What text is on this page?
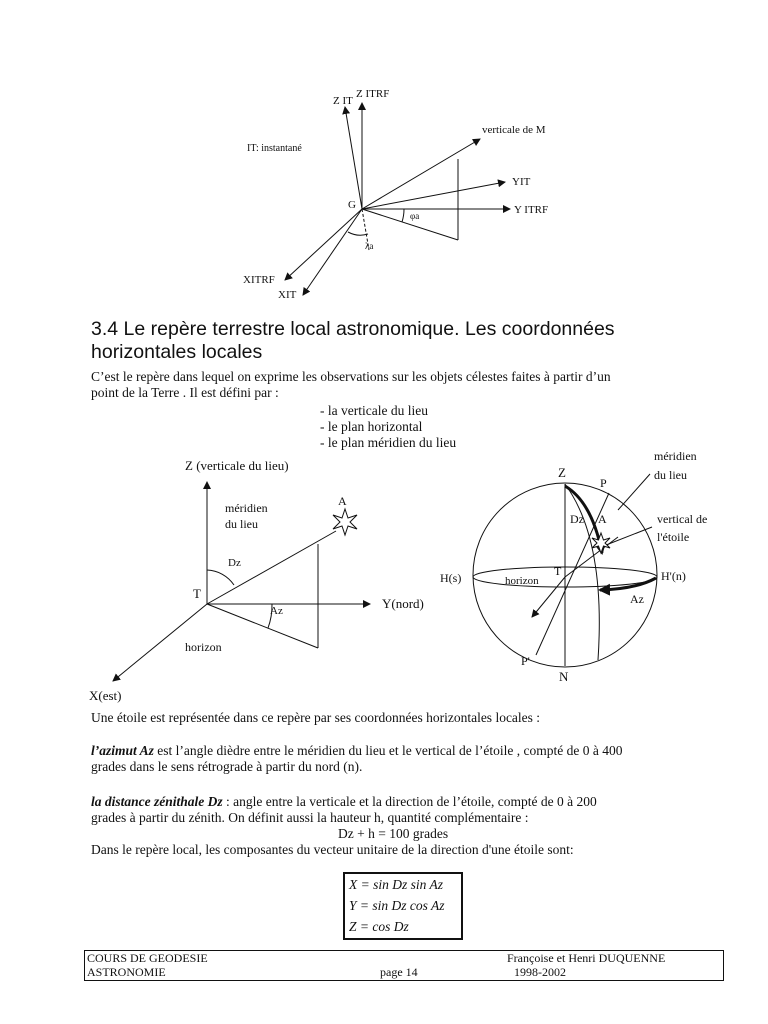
Z IT
Z ITRF
verticale de M
IT: instantané
YIT
G	Y ITRF
φa
λa
XITRF
XIT
3.4 Le repère terrestre local astronomique. Les coordonnées
horizontales locales
C’est le repère dans lequel on exprime les observations sur les objets célestes faites à partir d’un
point de la Terre . Il est défini par :
- la verticale du lieu
- le plan horizontal
- le plan méridien du lieu
Z (verticale du lieu)
méridien
du lieu
A
Dz
T
Az	Y(nord)
horizon
X(est)
méridien
du lieu
Z
P
Dz A	vertical de
l'étoile
T
H(s)	horizon	H'(n)
Az
P'
N
Une étoile est représentée dans ce repère par ses coordonnées horizontales locales :
l’azimut Az est l’angle dièdre entre le méridien du lieu et le vertical de l’étoile , compté de 0 à 400
grades dans le sens rétrograde à partir du nord (n).
la distance zénithale Dz : angle entre la verticale et la direction de l’étoile, compté de 0 à 200
grades à partir du zénith. On définit aussi la hauteur h, quantité complémentaire :
Dz + h = 100 grades
Dans le repère local, les composantes du vecteur unitaire de la direction d'une étoile sont:
X = sin Dz sin Az
Y = sin Dz cos Az
Z = cos Dz
COURS DE GEODESIE	Françoise et Henri DUQUENNE
ASTRONOMIE	page 14	1998-2002
